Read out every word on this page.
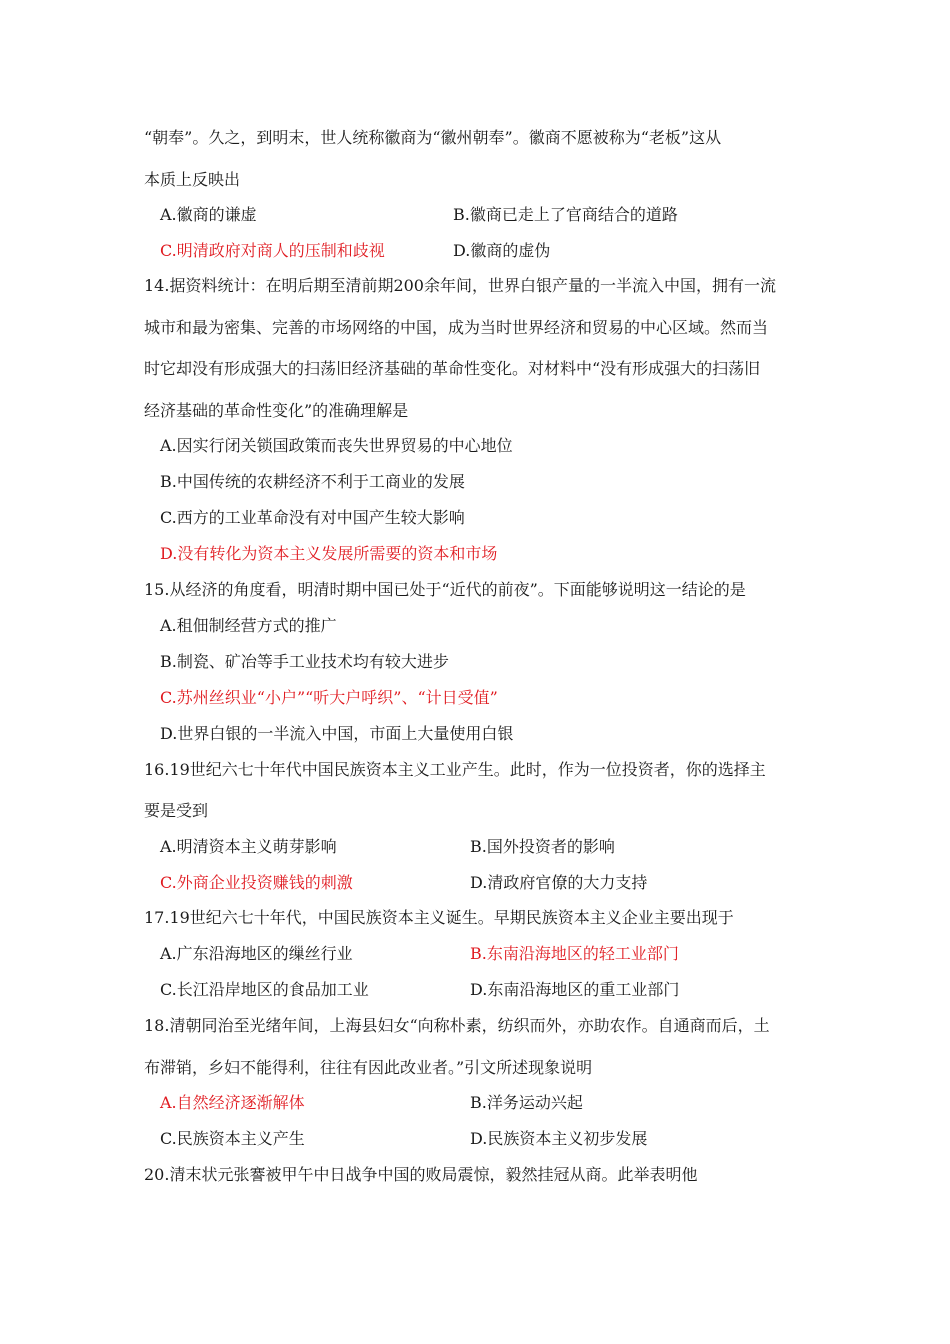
“朝奉”。久之，到明末，世人统称徽商为“徽州朝奉”。徽商不愿被称为“老板”这从
本质上反映出
A.徽商的谦虚	B.徽商已走上了官商结合的道路
C.明清政府对商人的压制和歧视	D.徽商的虚伪
14.据资料统计：在明后期至清前期200余年间，世界白银产量的一半流入中国，拥有一流
城市和最为密集、完善的市场网络的中国，成为当时世界经济和贸易的中心区域。然而当
时它却没有形成强大的扫荡旧经济基础的革命性变化。对材料中“没有形成强大的扫荡旧
经济基础的革命性变化”的准确理解是
A.因实行闭关锁国政策而丧失世界贸易的中心地位
B.中国传统的农耕经济不利于工商业的发展
C.西方的工业革命没有对中国产生较大影响
D.没有转化为资本主义发展所需要的资本和市场
15.从经济的角度看，明清时期中国已处于“近代的前夜”。下面能够说明这一结论的是
A.租佃制经营方式的推广
B.制瓷、矿冶等手工业技术均有较大进步
C.苏州丝织业“小户”“听大户呼织”、“计日受值”
D.世界白银的一半流入中国，市面上大量使用白银
16.19世纪六七十年代中国民族资本主义工业产生。此时，作为一位投资者，你的选择主
要是受到
A.明清资本主义萌芽影响	B.国外投资者的影响
C.外商企业投资赚钱的刺激	D.清政府官僚的大力支持
17.19世纪六七十年代，中国民族资本主义诞生。早期民族资本主义企业主要出现于
A.广东沿海地区的缫丝行业	B.东南沿海地区的轻工业部门
C.长江沿岸地区的食品加工业	D.东南沿海地区的重工业部门
18.清朝同治至光绪年间，上海县妇女“向称朴素，纺织而外，亦助农作。自通商而后，土
布滞销，乡妇不能得利，往往有因此改业者。”引文所述现象说明
A.自然经济逐渐解体	B.洋务运动兴起
C.民族资本主义产生	D.民族资本主义初步发展
20.清末状元张謇被甲午中日战争中国的败局震惊，毅然挂冠从商。此举表明他
